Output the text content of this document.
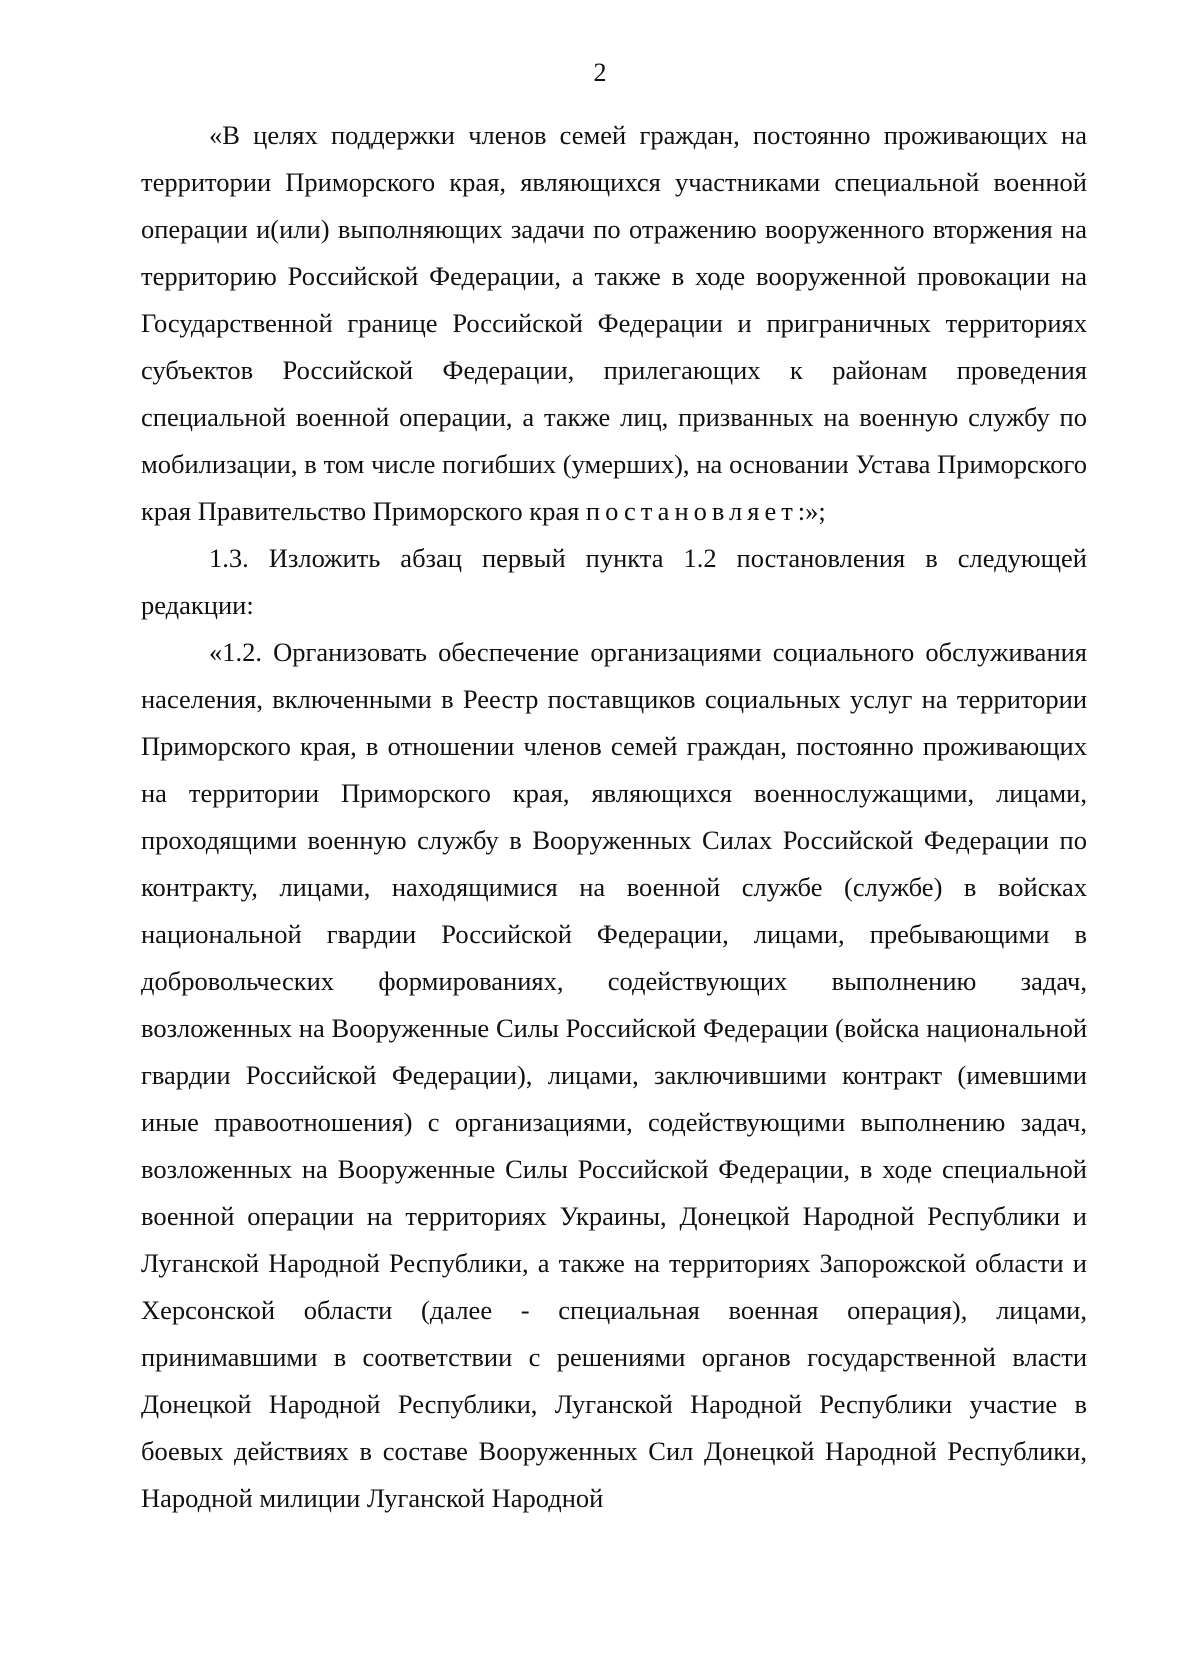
2

«В целях поддержки членов семей граждан, постоянно проживающих на территории Приморского края, являющихся участниками специальной военной операции и(или) выполняющих задачи по отражению вооруженного вторжения на территорию Российской Федерации, а также в ходе вооруженной провокации на Государственной границе Российской Федерации и приграничных территориях субъектов Российской Федерации, прилегающих к районам проведения специальной военной операции, а также лиц, призванных на военную службу по мобилизации, в том числе погибших (умерших), на основании Устава Приморского края Правительство Приморского края постановляет:»;

1.3. Изложить абзац первый пункта 1.2 постановления в следующей редакции:

«1.2. Организовать обеспечение организациями социального обслуживания населения, включенными в Реестр поставщиков социальных услуг на территории Приморского края, в отношении членов семей граждан, постоянно проживающих на территории Приморского края, являющихся военнослужащими, лицами, проходящими военную службу в Вооруженных Силах Российской Федерации по контракту, лицами, находящимися на военной службе (службе) в войсках национальной гвардии Российской Федерации, лицами, пребывающими в добровольческих формированиях, содействующих выполнению задач, возложенных на Вооруженные Силы Российской Федерации (войска национальной гвардии Российской Федерации), лицами, заключившими контракт (имевшими иные правоотношения) с организациями, содействующими выполнению задач, возложенных на Вооруженные Силы Российской Федерации, в ходе специальной военной операции на территориях Украины, Донецкой Народной Республики и Луганской Народной Республики, а также на территориях Запорожской области и Херсонской области (далее - специальная военная операция), лицами, принимавшими в соответствии с решениями органов государственной власти Донецкой Народной Республики, Луганской Народной Республики участие в боевых действиях в составе Вооруженных Сил Донецкой Народной Республики, Народной милиции Луганской Народной
